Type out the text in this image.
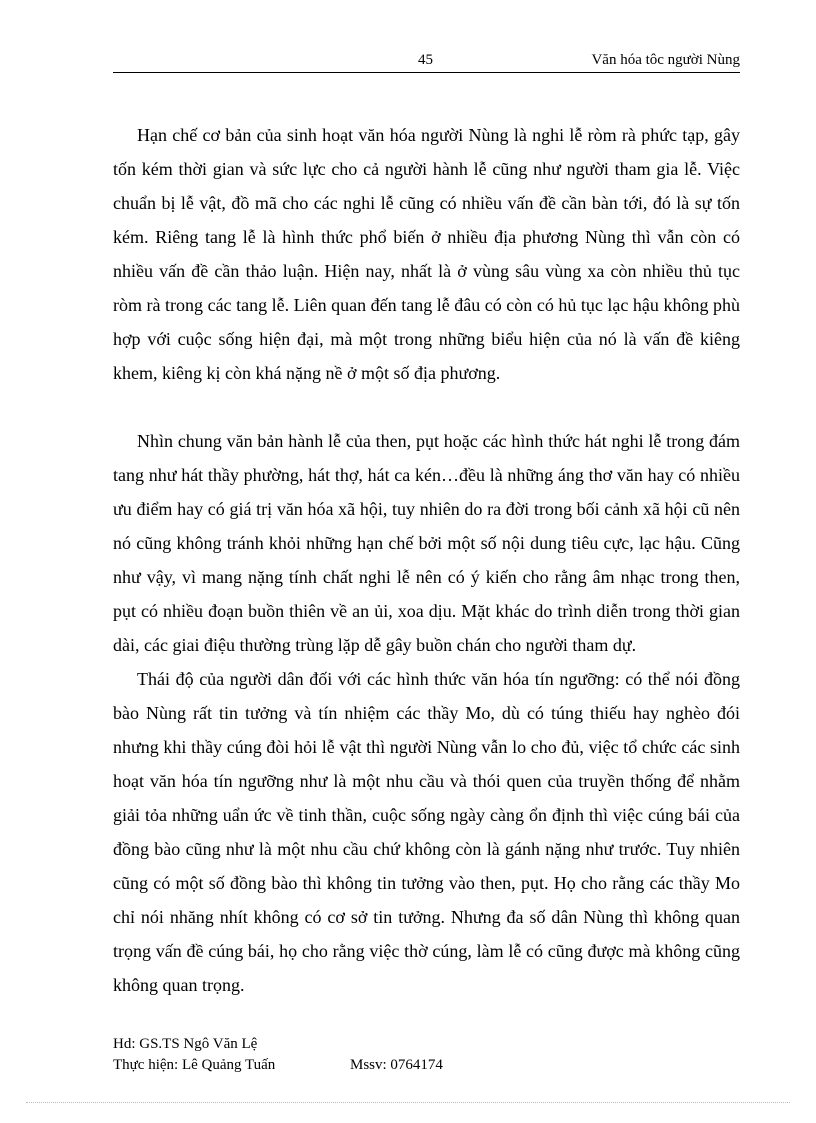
45	Văn hóa tôc người Nùng

Hạn chế cơ bản của sinh hoạt văn hóa người Nùng là nghi lễ ròm rà phức tạp, gây tốn kém thời gian và sức lực cho cả người hành lễ cũng như người tham gia lễ. Việc chuẩn bị lễ vật, đồ mã cho các nghi lễ cũng có nhiều vấn đề cần bàn tới, đó là sự tốn kém. Riêng tang lễ là hình thức phổ biến ở nhiều địa phương Nùng thì vẫn còn có nhiều vấn đề cần thảo luận. Hiện nay, nhất là ở vùng sâu vùng xa còn nhiều thủ tục ròm rà trong các tang lễ. Liên quan đến tang lễ đâu có còn có hủ tục lạc hậu không phù hợp với cuộc sống hiện đại, mà một trong những biểu hiện của nó là vấn đề kiêng khem, kiêng kị còn khá nặng nề ở một số địa phương.

Nhìn chung văn bản hành lễ của then, pụt hoặc các hình thức hát nghi lễ trong đám tang như hát thầy phường, hát thợ, hát ca kén…đều là những áng thơ văn hay có nhiều ưu điểm hay có giá trị văn hóa xã hội, tuy nhiên do ra đời trong bối cảnh xã hội cũ nên nó cũng không tránh khỏi những hạn chế bởi một số nội dung tiêu cực, lạc hậu. Cũng như vậy, vì mang nặng tính chất nghi lễ nên có ý kiến cho rằng âm nhạc trong then, pụt có nhiều đoạn buồn thiên về an ủi, xoa dịu. Mặt khác do trình diễn trong thời gian dài, các giai điệu thường trùng lặp dễ gây buồn chán cho người tham dự.

Thái độ của người dân đối với các hình thức văn hóa tín ngưỡng: có thể nói đồng bào Nùng rất tin tưởng và tín nhiệm các thầy Mo, dù có túng thiếu hay nghèo đói nhưng khi thầy cúng đòi hỏi lễ vật thì người Nùng vẫn lo cho đủ, việc tổ chức các sinh hoạt văn hóa tín ngưỡng như là một nhu cầu và thói quen của truyền thống để nhằm giải tỏa những uẩn ức về tinh thần, cuộc sống ngày càng ổn định thì việc cúng bái của đồng bào cũng như là một nhu cầu chứ không còn là gánh nặng như trước. Tuy nhiên cũng có một số đồng bào thì không tin tưởng vào then, pụt. Họ cho rằng các thầy Mo chỉ nói nhăng nhít không có cơ sở tin tưởng. Nhưng đa số dân Nùng thì không quan trọng vấn đề cúng bái, họ cho rằng việc thờ cúng, làm lễ có cũng được mà không cũng không quan trọng.

Hd: GS.TS Ngô Văn Lệ
Thực hiện: Lê Quảng Tuấn	Mssv: 0764174
